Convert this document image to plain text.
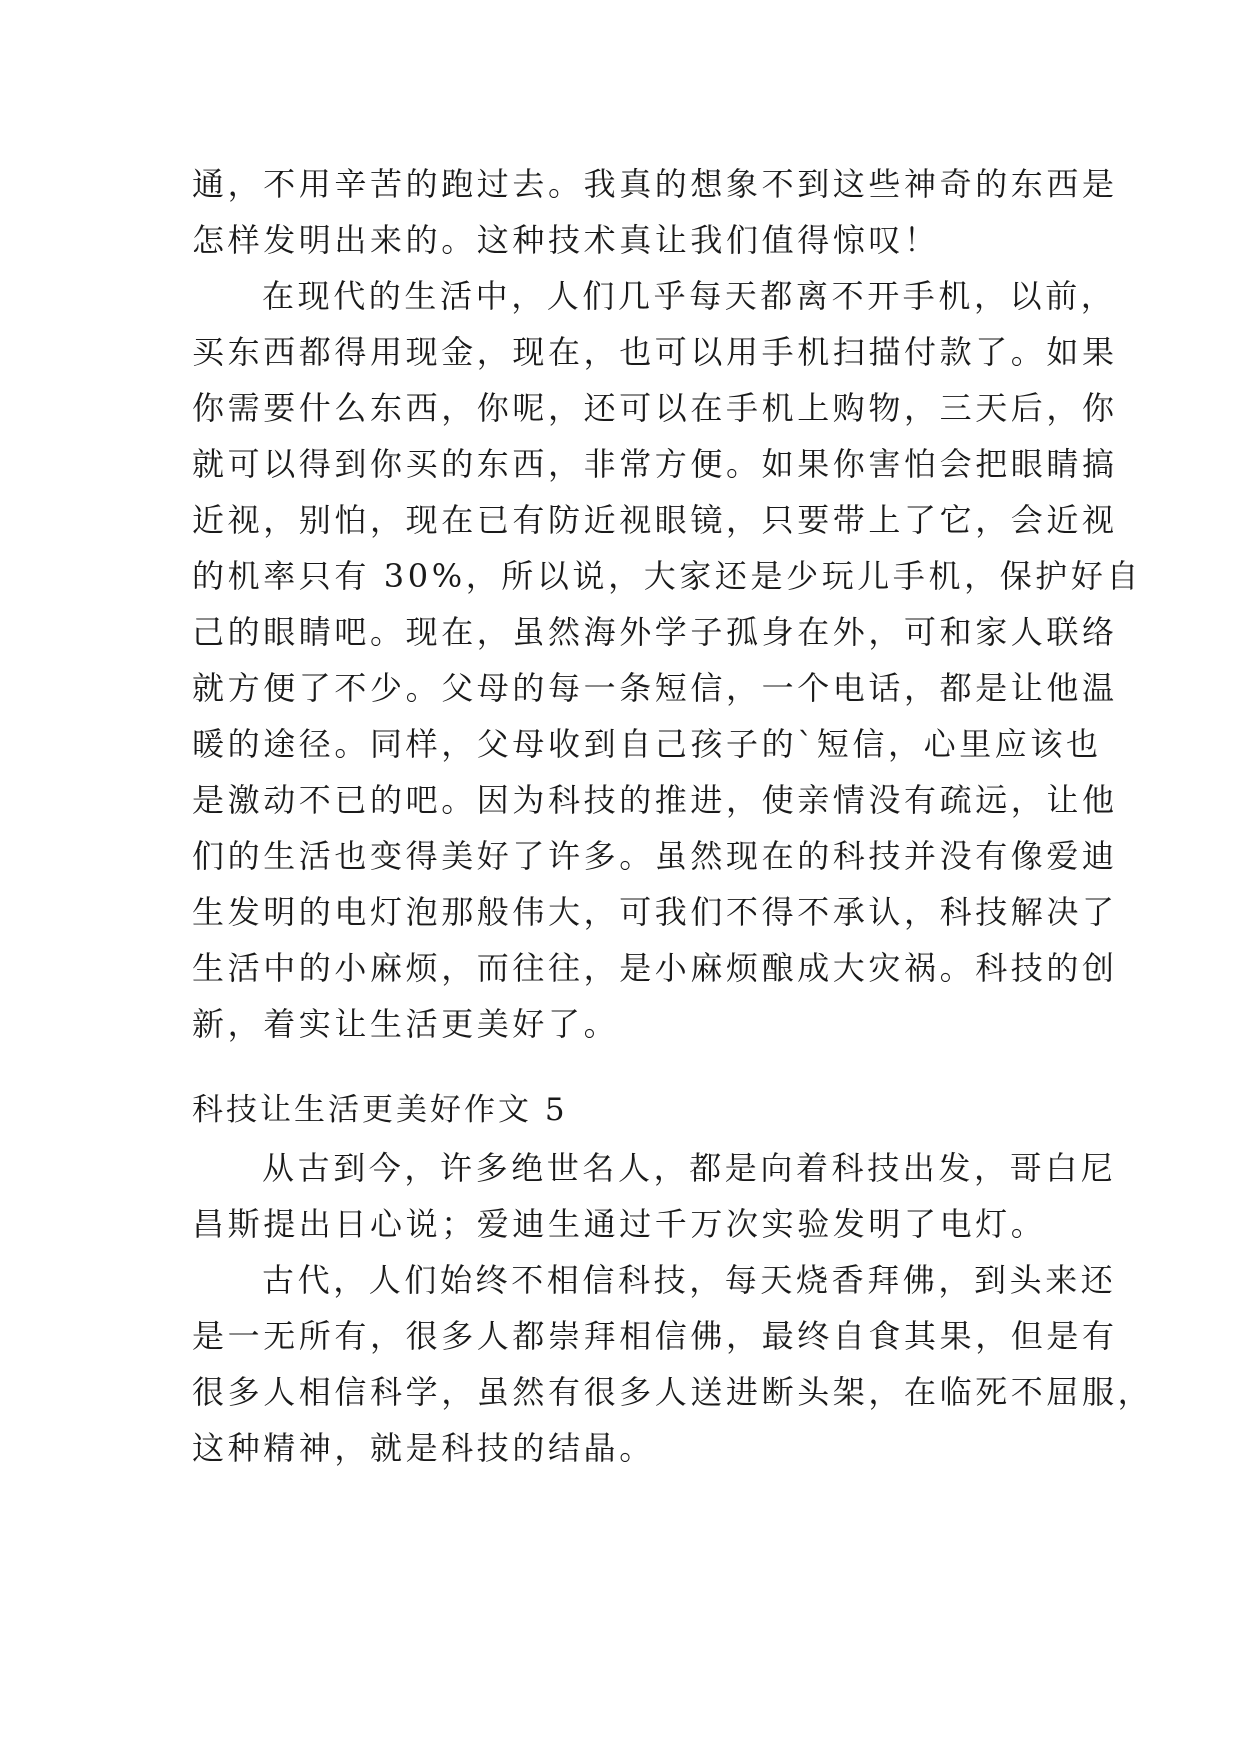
通，不用辛苦的跑过去。我真的想象不到这些神奇的东西是
怎样发明出来的。这种技术真让我们值得惊叹！
在现代的生活中，人们几乎每天都离不开手机，以前，
买东西都得用现金，现在，也可以用手机扫描付款了。如果
你需要什么东西，你呢，还可以在手机上购物，三天后，你
就可以得到你买的东西，非常方便。如果你害怕会把眼睛搞
近视，别怕，现在已有防近视眼镜，只要带上了它，会近视
的机率只有 30%，所以说，大家还是少玩儿手机，保护好自
己的眼睛吧。现在，虽然海外学子孤身在外，可和家人联络
就方便了不少。父母的每一条短信，一个电话，都是让他温
暖的途径。同样，父母收到自己孩子的`短信，心里应该也
是激动不已的吧。因为科技的推进，使亲情没有疏远，让他
们的生活也变得美好了许多。虽然现在的科技并没有像爱迪
生发明的电灯泡那般伟大，可我们不得不承认，科技解决了
生活中的小麻烦，而往往，是小麻烦酿成大灾祸。科技的创
新，着实让生活更美好了。
科技让生活更美好作文 5
从古到今，许多绝世名人，都是向着科技出发，哥白尼
昌斯提出日心说；爱迪生通过千万次实验发明了电灯。
古代，人们始终不相信科技，每天烧香拜佛，到头来还
是一无所有，很多人都崇拜相信佛，最终自食其果，但是有
很多人相信科学，虽然有很多人送进断头架，在临死不屈服，
这种精神，就是科技的结晶。
